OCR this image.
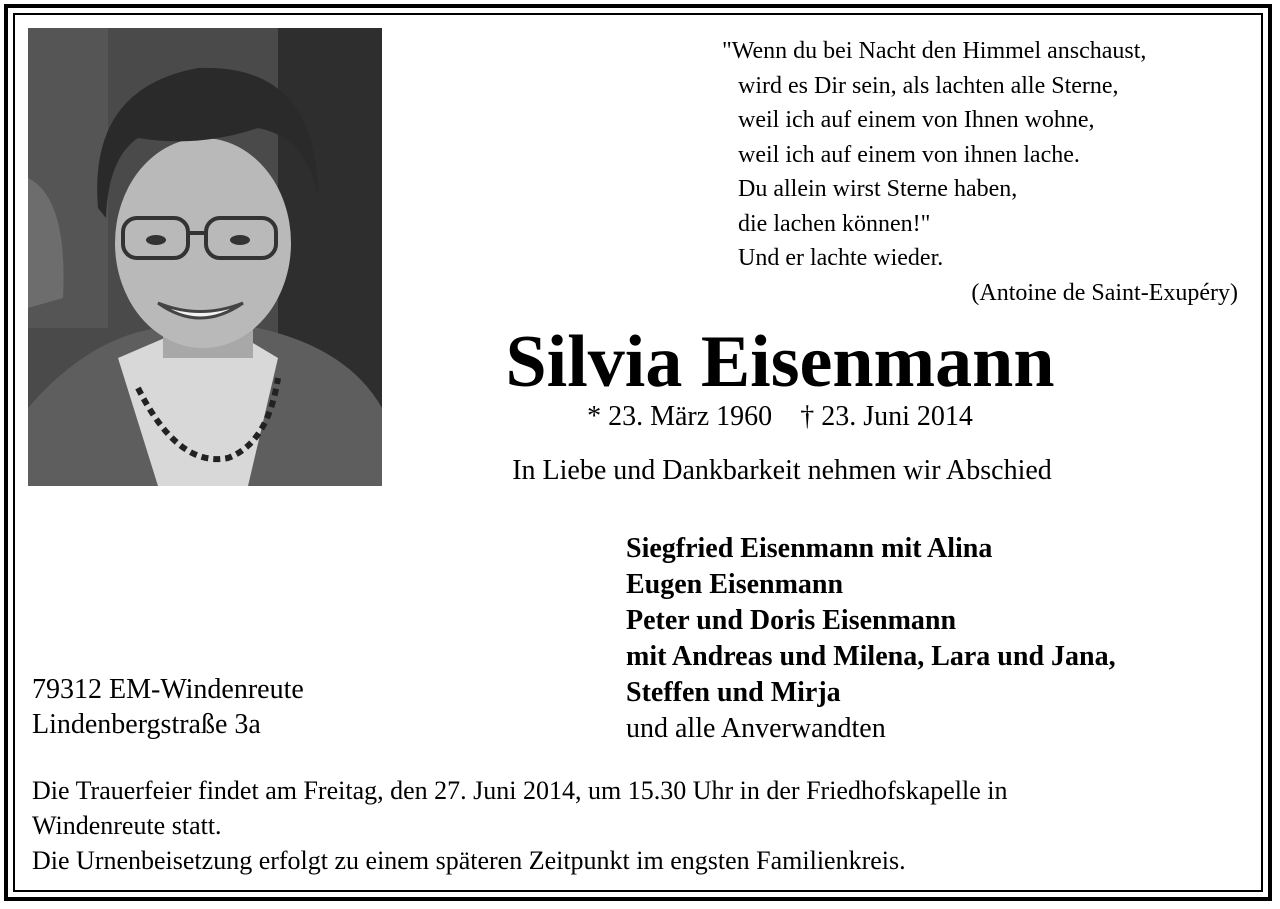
"Wenn du bei Nacht den Himmel anschaust,
wird es Dir sein, als lachten alle Sterne,
weil ich auf einem von Ihnen wohne,
weil ich auf einem von ihnen lache.
Du allein wirst Sterne haben,
die lachen können!"
Und er lachte wieder.
(Antoine de Saint-Exupéry)
Silvia Eisenmann
* 23. März 1960 † 23. Juni 2014
In Liebe und Dankbarkeit nehmen wir Abschied
Siegfried Eisenmann mit Alina
Eugen Eisenmann
Peter und Doris Eisenmann
mit Andreas und Milena, Lara und Jana,
Steffen und Mirja
und alle Anverwandten
79312 EM-Windenreute
Lindenbergstraße 3a
Die Trauerfeier findet am Freitag, den 27. Juni 2014, um 15.30 Uhr in der Friedhofskapelle in
Windenreute statt.
Die Urnenbeisetzung erfolgt zu einem späteren Zeitpunkt im engsten Familienkreis.
